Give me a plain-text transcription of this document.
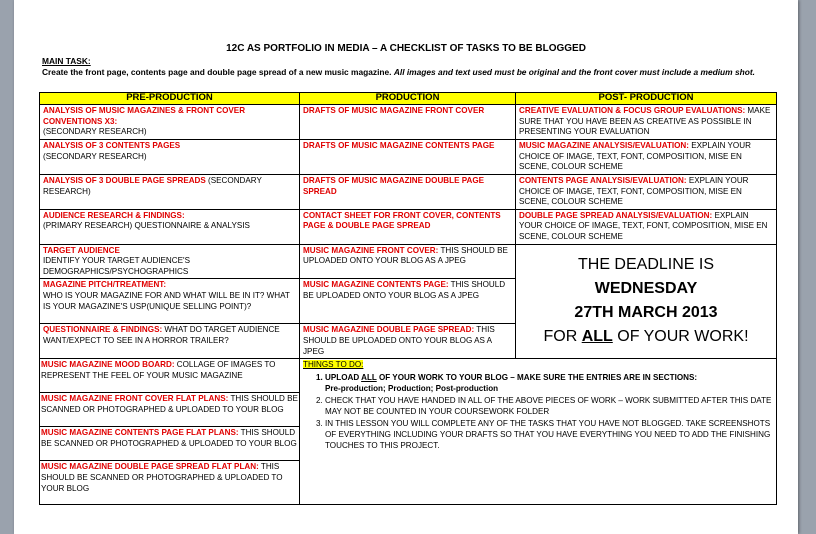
12C AS PORTFOLIO IN MEDIA – A CHECKLIST OF TASKS TO BE BLOGGED
MAIN TASK:
Create the front page, contents page and double page spread of a new music magazine. All images and text used must be original and the front cover must include a medium shot.
PRE-PRODUCTION	PRODUCTION	POST- PRODUCTION
ANALYSIS OF MUSIC MAGAZINES & FRONT COVER CONVENTIONS X3:
(SECONDARY RESEARCH)	DRAFTS OF MUSIC MAGAZINE FRONT COVER	CREATIVE EVALUATION & FOCUS GROUP EVALUATIONS: MAKE SURE THAT YOU HAVE BEEN AS CREATIVE AS POSSIBLE IN PRESENTING YOUR EVALUATION
ANALYSIS OF 3 CONTENTS PAGES
(SECONDARY RESEARCH)	DRAFTS OF MUSIC MAGAZINE CONTENTS PAGE	MUSIC MAGAZINE ANALYSIS/EVALUATION: EXPLAIN YOUR CHOICE OF IMAGE, TEXT, FONT, COMPOSITION, MISE EN SCENE, COLOUR SCHEME
ANALYSIS OF 3 DOUBLE PAGE SPREADS (SECONDARY RESEARCH)	DRAFTS OF MUSIC MAGAZINE DOUBLE PAGE SPREAD	CONTENTS PAGE ANALYSIS/EVALUATION: EXPLAIN YOUR CHOICE OF IMAGE, TEXT, FONT, COMPOSITION, MISE EN SCENE, COLOUR SCHEME
AUDIENCE RESEARCH & FINDINGS:
(PRIMARY RESEARCH) QUESTIONNAIRE & ANALYSIS	CONTACT SHEET FOR FRONT COVER, CONTENTS PAGE & DOUBLE PAGE SPREAD	DOUBLE PAGE SPREAD ANALYSIS/EVALUATION: EXPLAIN YOUR CHOICE OF IMAGE, TEXT, FONT, COMPOSITION, MISE EN SCENE, COLOUR SCHEME
TARGET AUDIENCE
IDENTIFY YOUR TARGET AUDIENCE'S DEMOGRAPHICS/PSYCHOGRAPHICS	MUSIC MAGAZINE FRONT COVER: THIS SHOULD BE UPLOADED ONTO YOUR BLOG AS A JPEG	THE DEADLINE IS
WEDNESDAY
27TH MARCH 2013
FOR ALL OF YOUR WORK!

MAGAZINE PITCH/TREATMENT:
WHO IS YOUR MAGAZINE FOR AND WHAT WILL BE IN IT? WHAT IS YOUR MAGAZINE'S USP(UNIQUE SELLING POINT)?	MUSIC MAGAZINE CONTENTS PAGE: THIS SHOULD BE UPLOADED ONTO YOUR BLOG AS A JPEG
QUESTIONNAIRE & FINDINGS: WHAT DO TARGET AUDIENCE WANT/EXPECT TO SEE IN A HORROR TRAILER?	MUSIC MAGAZINE DOUBLE PAGE SPREAD: THIS SHOULD BE UPLOADED ONTO YOUR BLOG AS A JPEG

MUSIC MAGAZINE MOOD BOARD: COLLAGE OF IMAGES TO REPRESENT THE FEEL OF YOUR MUSIC MAGAZINE
MUSIC MAGAZINE FRONT COVER FLAT PLANS: THIS SHOULD BE SCANNED OR PHOTOGRAPHED & UPLOADED TO YOUR BLOG
MUSIC MAGAZINE CONTENTS PAGE FLAT PLANS: THIS SHOULD BE SCANNED OR PHOTOGRAPHED & UPLOADED TO YOUR BLOG
MUSIC MAGAZINE DOUBLE PAGE SPREAD FLAT PLAN: THIS SHOULD BE SCANNED OR PHOTOGRAPHED & UPLOADED TO YOUR BLOG
	THINGS TO DO:
1. UPLOAD ALL OF YOUR WORK TO YOUR BLOG – MAKE SURE THE ENTRIES ARE IN SECTIONS:
Pre-production; Production; Post-production
2. CHECK THAT YOU HAVE HANDED IN ALL OF THE ABOVE PIECES OF WORK – WORK SUBMITTED AFTER THIS DATE MAY NOT BE COUNTED IN YOUR COURSEWORK FOLDER
3. IN THIS LESSON YOU WILL COMPLETE ANY OF THE TASKS THAT YOU HAVE NOT BLOGGED. TAKE SCREENSHOTS OF EVERYTHING INCLUDING YOUR DRAFTS SO THAT YOU HAVE EVERYTHING YOU NEED TO ADD THE FINISHING TOUCHES TO THIS PROJECT.
